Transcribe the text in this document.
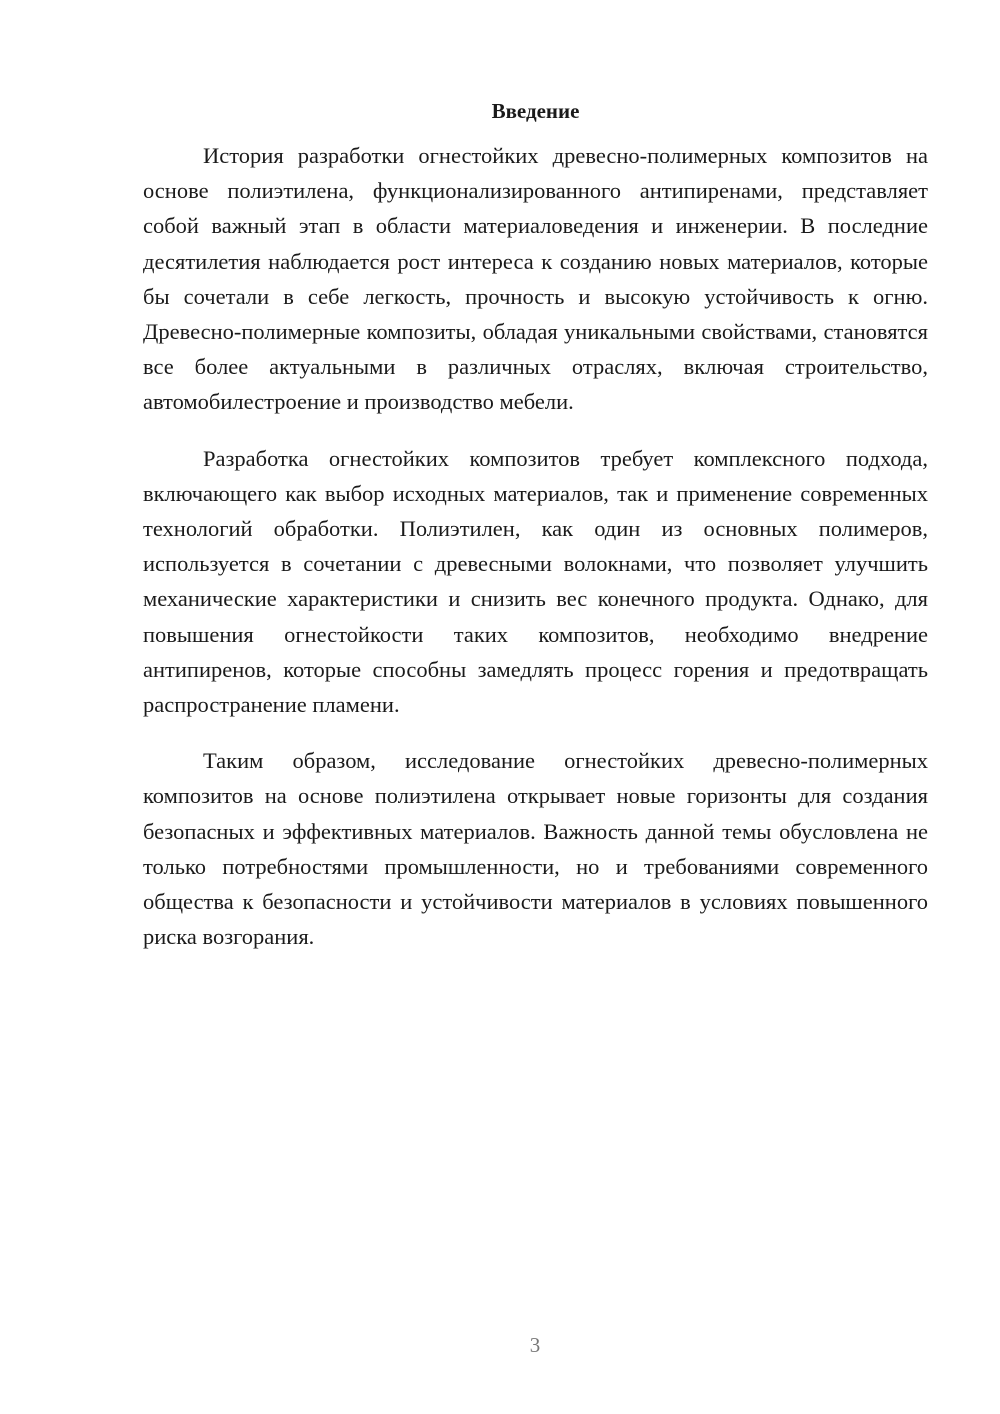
Введение

История разработки огнестойких древесно-полимерных композитов на основе полиэтилена, функционализированного антипиренами, представляет собой важный этап в области материаловедения и инженерии. В последние десятилетия наблюдается рост интереса к созданию новых материалов, которые бы сочетали в себе легкость, прочность и высокую устойчивость к огню. Древесно-полимерные композиты, обладая уникальными свойствами, становятся все более актуальными в различных отраслях, включая строительство, автомобилестроение и производство мебели.

Разработка огнестойких композитов требует комплексного подхода, включающего как выбор исходных материалов, так и применение современных технологий обработки. Полиэтилен, как один из основных полимеров, используется в сочетании с древесными волокнами, что позволяет улучшить механические характеристики и снизить вес конечного продукта. Однако, для повышения огнестойкости таких композитов, необходимо внедрение антипиренов, которые способны замедлять процесс горения и предотвращать распространение пламени.

Таким образом, исследование огнестойких древесно-полимерных композитов на основе полиэтилена открывает новые горизонты для создания безопасных и эффективных материалов. Важность данной темы обусловлена не только потребностями промышленности, но и требованиями современного общества к безопасности и устойчивости материалов в условиях повышенного риска возгорания.

3
